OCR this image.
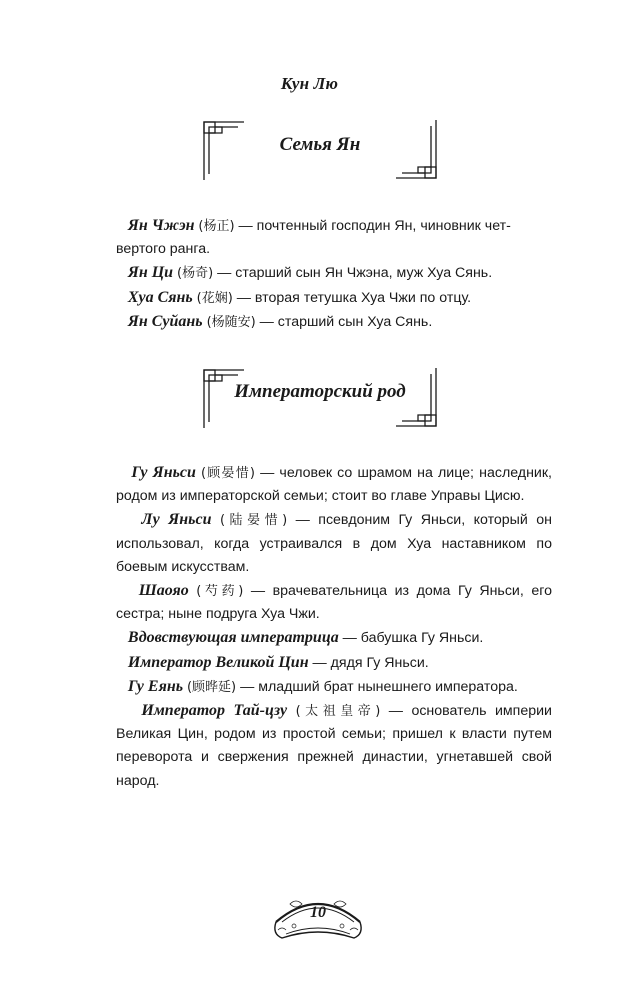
Кун Лю
Семья Ян

Ян Чжэн (杨正) — почтенный господин Ян, чиновник чет-

вертого ранга.

Ян Ци (杨奇) — старший сын Ян Чжэна, муж Хуа Сянь.

Хуа Сянь (花娴) — вторая тетушка Хуа Чжи по отцу.

Ян Суйань (杨随安) — старший сын Хуа Сянь.

Императорский род

Гу Яньси (顾晏惜) — человек со шрамом на лице; наследник, родом из императорской семьи; стоит во главе Управы Цисю.

Лу Яньси (陆晏惜) — псевдоним Гу Яньси, который он использовал, когда устраивался в дом Хуа наставником по боевым искусствам.

Шаояо (芍药) — врачевательница из дома Гу Яньси, его сестра; ныне подруга Хуа Чжи.

Вдовствующая императрица — бабушка Гу Яньси.

Император Великой Цин — дядя Гу Яньси.

Гу Еянь (顾晔延) — младший брат нынешнего императора.

Император Тай-цзу (太祖皇帝) — основатель империи Великая Цин, родом из простой семьи; пришел к власти путем переворота и свержения прежней династии, угнетавшей свой народ.

10
